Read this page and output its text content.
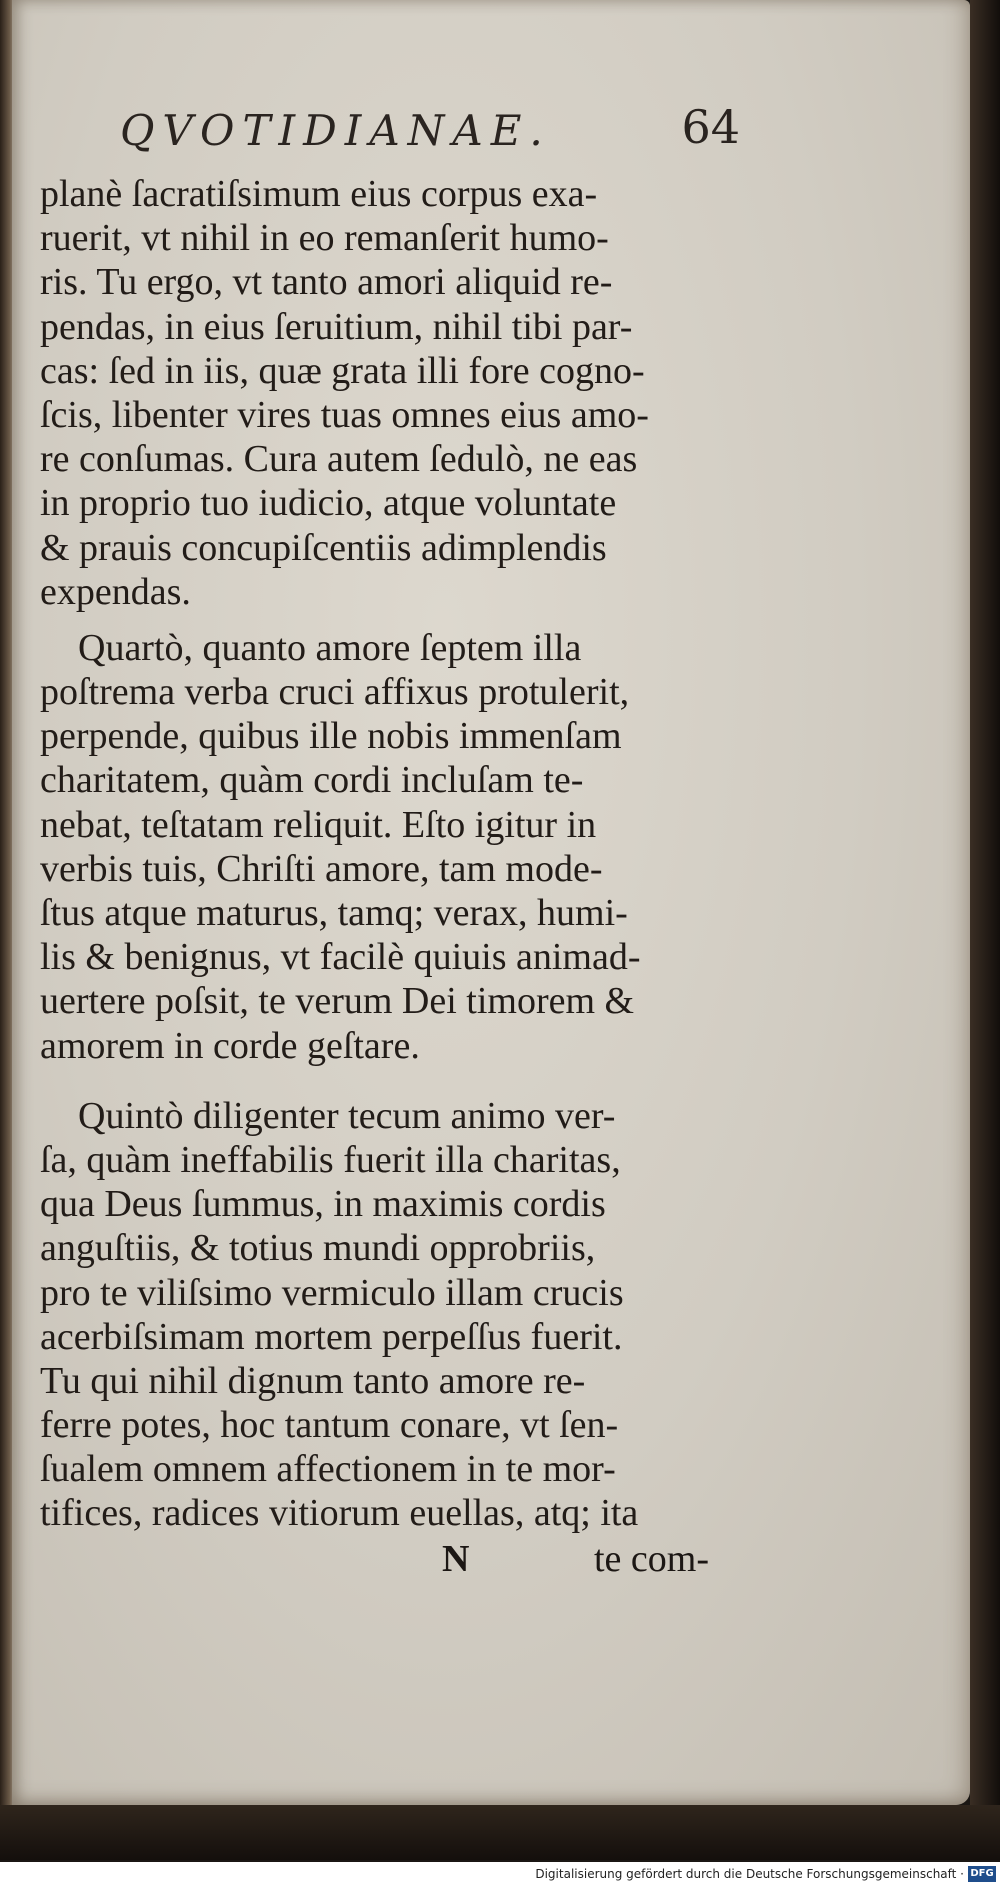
QVOTIDIANAE.	64
planè ſacratiſsimum eius corpus exa-
ruerit, vt nihil in eo remanſerit humo-
ris. Tu ergo, vt tanto amori aliquid re-
pendas, in eius ſeruitium, nihil tibi par-
cas: ſed in iis, quæ grata illi fore cogno-
ſcis, libenter vires tuas omnes eius amo-
re conſumas. Cura autem ſedulò, ne eas
in proprio tuo iudicio, atque voluntate
& prauis concupiſcentiis adimplendis
expendas.
Quartò, quanto amore ſeptem illa
poſtrema verba cruci affixus protulerit,
perpende, quibus ille nobis immenſam
charitatem, quàm cordi incluſam te-
nebat, teſtatam reliquit. Eſto igitur in
verbis tuis, Chriſti amore, tam mode-
ſtus atque maturus, tamq; verax, humi-
lis & benignus, vt facilè quiuis animad-
uertere poſsit, te verum Dei timorem &
amorem in corde geſtare.
Quintò diligenter tecum animo ver-
ſa, quàm ineffabilis fuerit illa charitas,
qua Deus ſummus, in maximis cordis
anguſtiis, & totius mundi opprobriis,
pro te viliſsimo vermiculo illam crucis
acerbiſsimam mortem perpeſſus fuerit.
Tu qui nihil dignum tanto amore re-
ferre potes, hoc tantum conare, vt ſen-
ſualem omnem affectionem in te mor-
tifices, radices vitiorum euellas, atq; ita
N	te com-
Digitalisierung gefördert durch die Deutsche Forschungsgemeinschaft · DFG
